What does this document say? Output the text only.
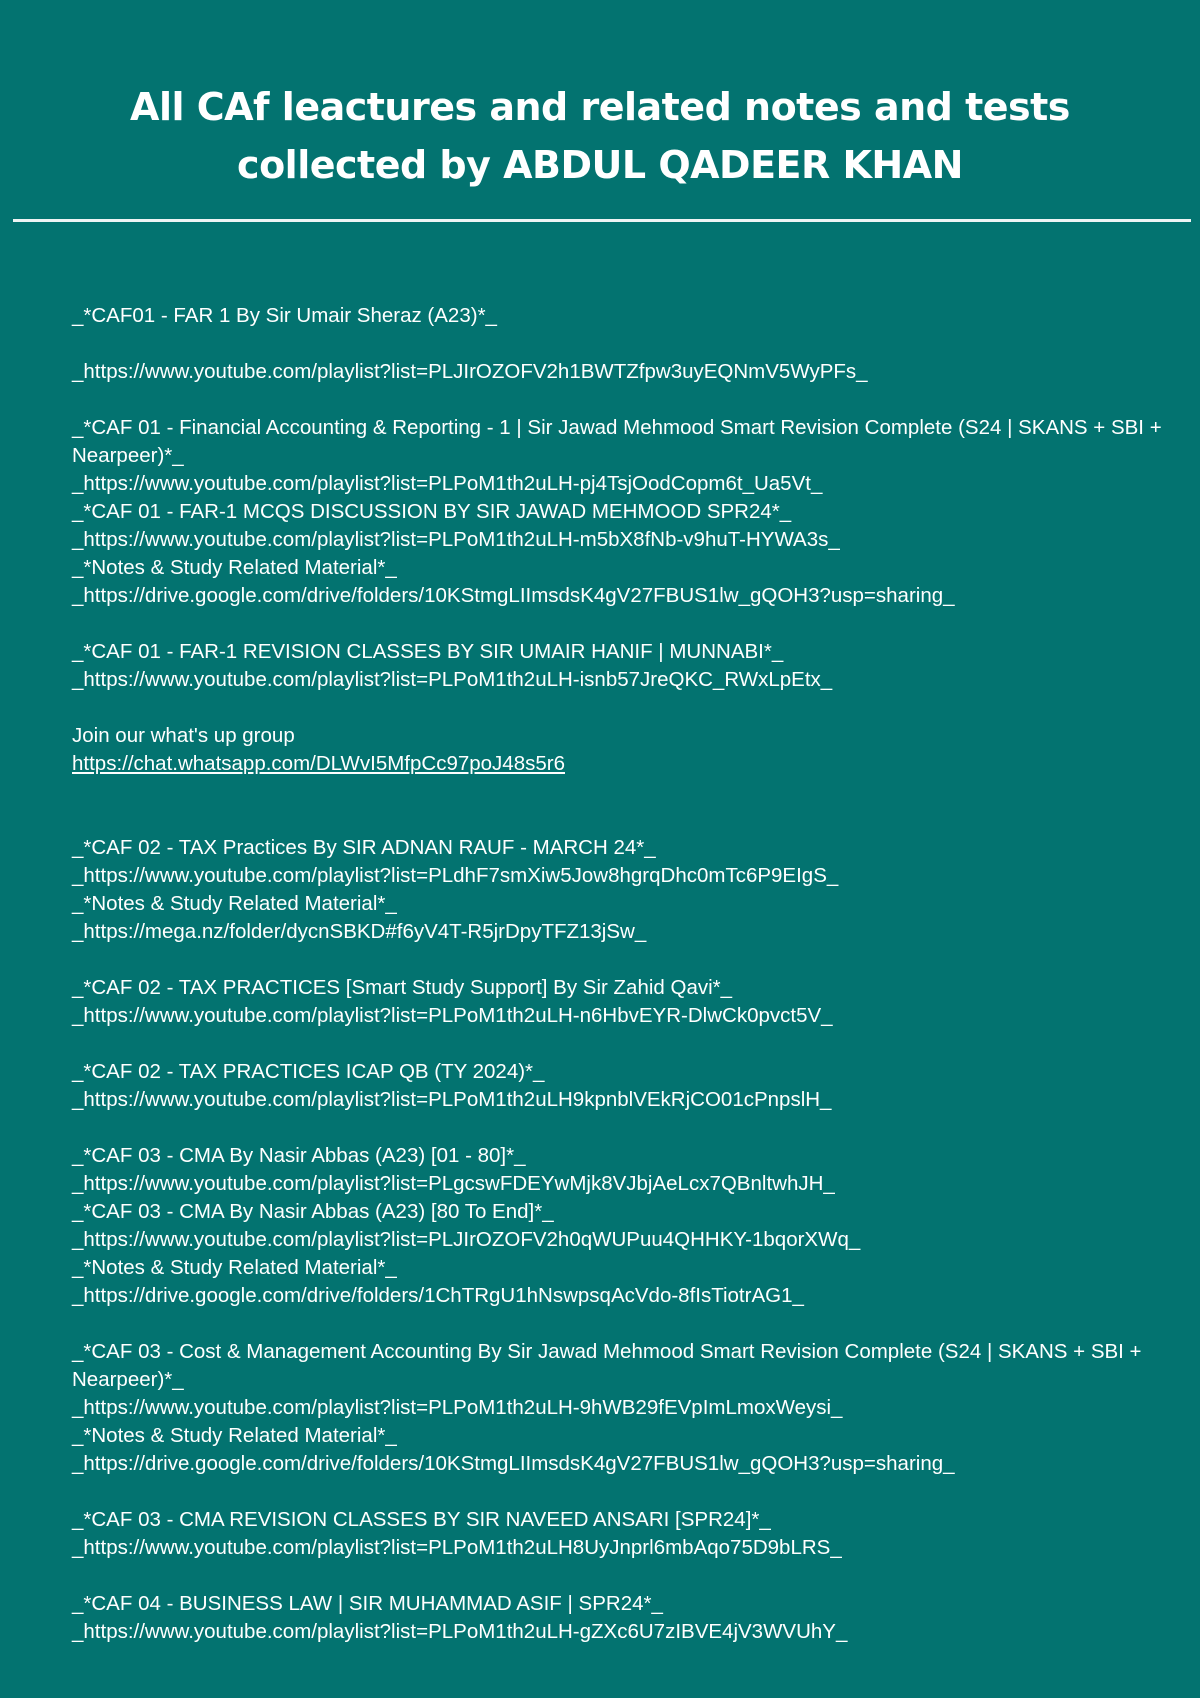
All CAf leactures and related notes and tests
collected by ABDUL QADEER KHAN
_*CAF01 - FAR 1 By Sir Umair Sheraz (A23)*_
_https://www.youtube.com/playlist?list=PLJIrOZOFV2h1BWTZfpw3uyEQNmV5WyPFs_
_*CAF 01 - Financial Accounting & Reporting - 1 | Sir Jawad Mehmood Smart Revision Complete (S24 | SKANS + SBI + Nearpeer)*_
_https://www.youtube.com/playlist?list=PLPoM1th2uLH-pj4TsjOodCopm6t_Ua5Vt_
_*CAF 01 - FAR-1 MCQS DISCUSSION BY SIR JAWAD MEHMOOD SPR24*_
_https://www.youtube.com/playlist?list=PLPoM1th2uLH-m5bX8fNb-v9huT-HYWA3s_
_*Notes & Study Related Material*_
_https://drive.google.com/drive/folders/10KStmgLIImsdsK4gV27FBUS1lw_gQOH3?usp=sharing_
_*CAF 01 - FAR-1 REVISION CLASSES BY SIR UMAIR HANIF | MUNNABI*_
_https://www.youtube.com/playlist?list=PLPoM1th2uLH-isnb57JreQKC_RWxLpEtx_
Join our what's up group
https://chat.whatsapp.com/DLWvI5MfpCc97poJ48s5r6
_*CAF 02 - TAX Practices By SIR ADNAN RAUF - MARCH 24*_
_https://www.youtube.com/playlist?list=PLdhF7smXiw5Jow8hgrqDhc0mTc6P9EIgS_
_*Notes & Study Related Material*_
_https://mega.nz/folder/dycnSBKD#f6yV4T-R5jrDpyTFZ13jSw_
_*CAF 02 - TAX PRACTICES [Smart Study Support] By Sir Zahid Qavi*_
_https://www.youtube.com/playlist?list=PLPoM1th2uLH-n6HbvEYR-DlwCk0pvct5V_
_*CAF 02 - TAX PRACTICES ICAP QB (TY 2024)*_
_https://www.youtube.com/playlist?list=PLPoM1th2uLH9kpnblVEkRjCO01cPnpslH_
_*CAF 03 - CMA By Nasir Abbas (A23) [01 - 80]*_
_https://www.youtube.com/playlist?list=PLgcswFDEYwMjk8VJbjAeLcx7QBnltwhJH_
_*CAF 03 - CMA By Nasir Abbas (A23) [80 To End]*_
_https://www.youtube.com/playlist?list=PLJIrOZOFV2h0qWUPuu4QHHKY-1bqorXWq_
_*Notes & Study Related Material*_
_https://drive.google.com/drive/folders/1ChTRgU1hNswpsqAcVdo-8fIsTiotrAG1_
_*CAF 03 - Cost & Management Accounting By Sir Jawad Mehmood Smart Revision Complete (S24 | SKANS + SBI + Nearpeer)*_
_https://www.youtube.com/playlist?list=PLPoM1th2uLH-9hWB29fEVpImLmoxWeysi_
_*Notes & Study Related Material*_
_https://drive.google.com/drive/folders/10KStmgLIImsdsK4gV27FBUS1lw_gQOH3?usp=sharing_
_*CAF 03 - CMA REVISION CLASSES BY SIR NAVEED ANSARI [SPR24]*_
_https://www.youtube.com/playlist?list=PLPoM1th2uLH8UyJnprl6mbAqo75D9bLRS_
_*CAF 04 - BUSINESS LAW | SIR MUHAMMAD ASIF | SPR24*_
_https://www.youtube.com/playlist?list=PLPoM1th2uLH-gZXc6U7zIBVE4jV3WVUhY_
